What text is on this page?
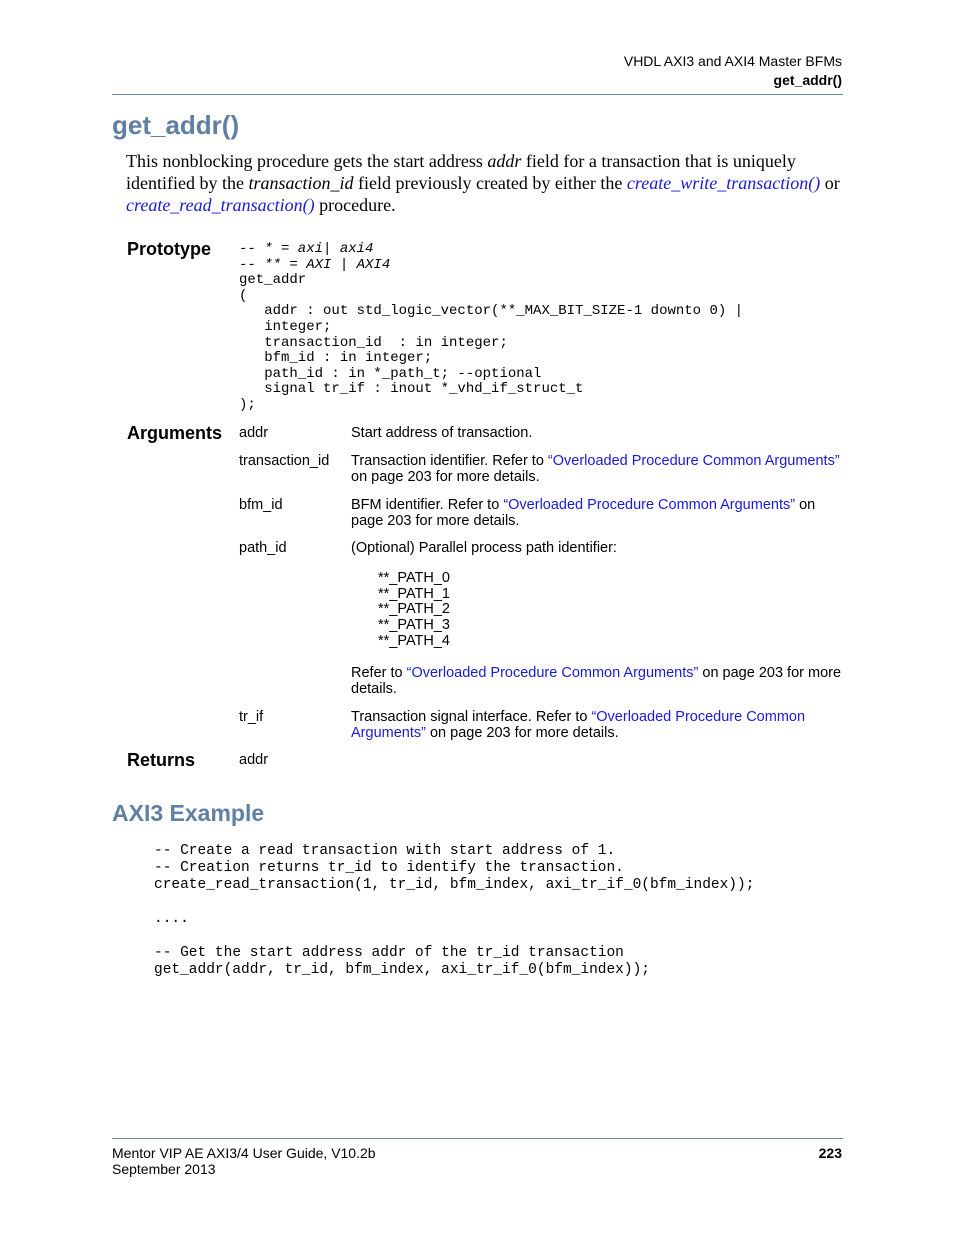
VHDL AXI3 and AXI4 Master BFMs
get_addr()
get_addr()
This nonblocking procedure gets the start address addr field for a transaction that is uniquely identified by the transaction_id field previously created by either the create_write_transaction() or create_read_transaction() procedure.
Prototype -- * = axi| axi4
-- ** = AXI | AXI4
get_addr
(
addr : out std_logic_vector(**_MAX_BIT_SIZE-1 downto 0) |
integer;
transaction_id  : in integer;
bfm_id : in integer;
path_id : in *_path_t; --optional
signal tr_if : inout *_vhd_if_struct_t
);
Arguments addr	Start address of transaction.
transaction_id Transaction identifier. Refer to “Overloaded Procedure Common Arguments” on page 203 for more details.
bfm_id	BFM identifier. Refer to “Overloaded Procedure Common Arguments” on page 203 for more details.
path_id	(Optional) Parallel process path identifier:
**_PATH_0
**_PATH_1
**_PATH_2
**_PATH_3
**_PATH_4
Refer to “Overloaded Procedure Common Arguments” on page 203 for more details.
tr_if	Transaction signal interface. Refer to “Overloaded Procedure Common Arguments” on page 203 for more details.
Returns	addr
AXI3 Example
-- Create a read transaction with start address of 1.
-- Creation returns tr_id to identify the transaction.
create_read_transaction(1, tr_id, bfm_index, axi_tr_if_0(bfm_index));

....

-- Get the start address addr of the tr_id transaction
get_addr(addr, tr_id, bfm_index, axi_tr_if_0(bfm_index));
Mentor VIP AE AXI3/4 User Guide, V10.2b
September 2013
223
